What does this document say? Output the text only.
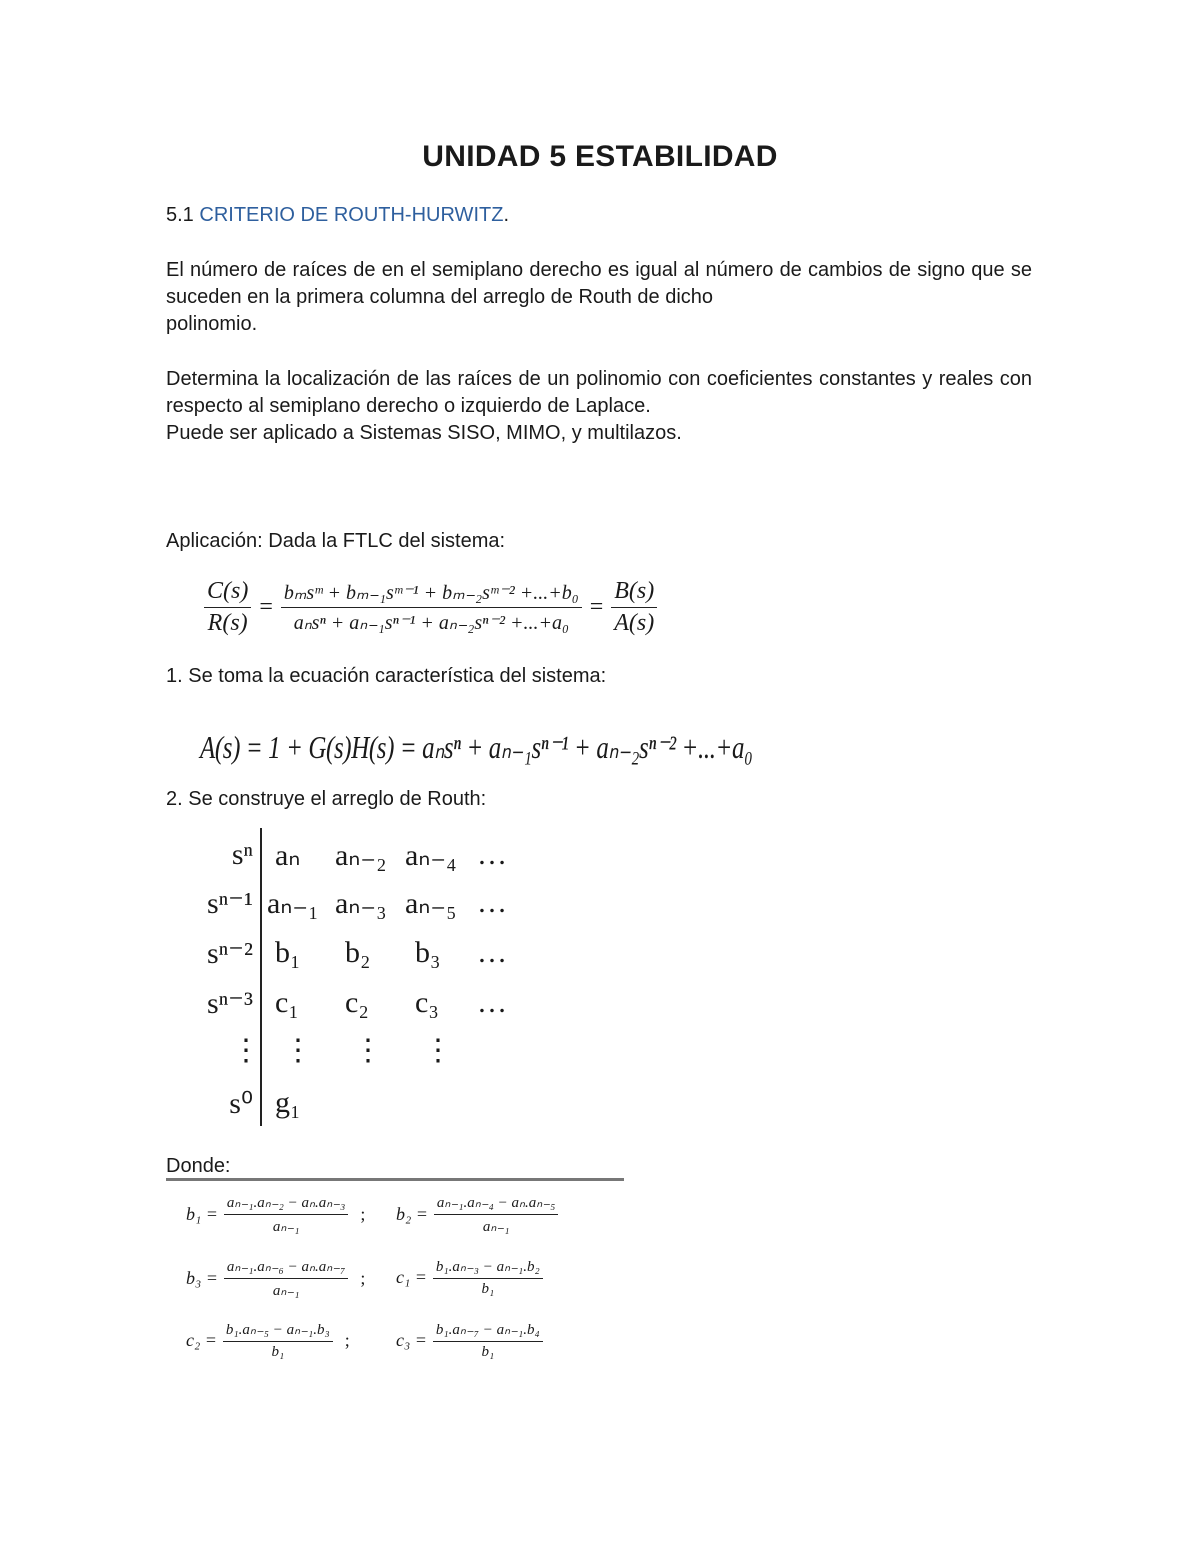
UNIDAD 5 ESTABILIDAD
5.1 CRITERIO DE ROUTH-HURWITZ.
El número de raíces de en el semiplano derecho es igual al número de cambios de signo que se suceden en la primera columna del arreglo de Routh de dicho
polinomio.
Determina la localización de las raíces de un polinomio con coeficientes constantes y reales con respecto al semiplano derecho o izquierdo de Laplace.
Puede ser aplicado a Sistemas SISO, MIMO, y multilazos.
Aplicación: Dada la FTLC del sistema:
$\frac{C(s)}{R(s)} = \frac{\text{bₘsᵐ + bₘ₋₁sᵐ⁻¹ + bₘ₋₂sᵐ⁻² +...+b₀}}{\text{aₙsⁿ + aₙ₋₁sⁿ⁻¹ + aₙ₋₂sⁿ⁻² +...+a₀}} = \frac{B(s)}{A(s)}$
1. Se toma la ecuación característica del sistema:
A(s) = 1 + G(s)H(s) = aₙsⁿ + aₙ₋₁sⁿ⁻¹ + aₙ₋₂sⁿ⁻² +...+a₀
2. Se construye el arreglo de Routh:
sⁿ aₙ aₙ₋₂ aₙ₋₄ …
sⁿ⁻¹ aₙ₋₁ aₙ₋₃ aₙ₋₅ …
sⁿ⁻² b₁ b₂ b₃ …
sⁿ⁻³ c₁ c₂ c₃ …
⋮ ⋮ ⋮ ⋮
s⁰ g₁
Donde:
$b_1 = \frac{\text{aₙ₋₁.aₙ₋₂ − aₙ.aₙ₋₃}}{\text{aₙ₋₁}}$ ; $b_2 = \frac{\text{aₙ₋₁.aₙ₋₄ − aₙ.aₙ₋₅}}{\text{aₙ₋₁}}$
$b_3 = \frac{\text{aₙ₋₁.aₙ₋₆ − aₙ.aₙ₋₇}}{\text{aₙ₋₁}}$ ; $c_1 = \frac{\text{b₁.aₙ₋₃ − aₙ₋₁.b₂}}{\text{b₁}}$
$c_2 = \frac{\text{b₁.aₙ₋₅ − aₙ₋₁.b₃}}{\text{b₁}}$ ;	$c_3 = \frac{\text{b₁.aₙ₋₇ − aₙ₋₁.b₄}}{\text{b₁}}$
